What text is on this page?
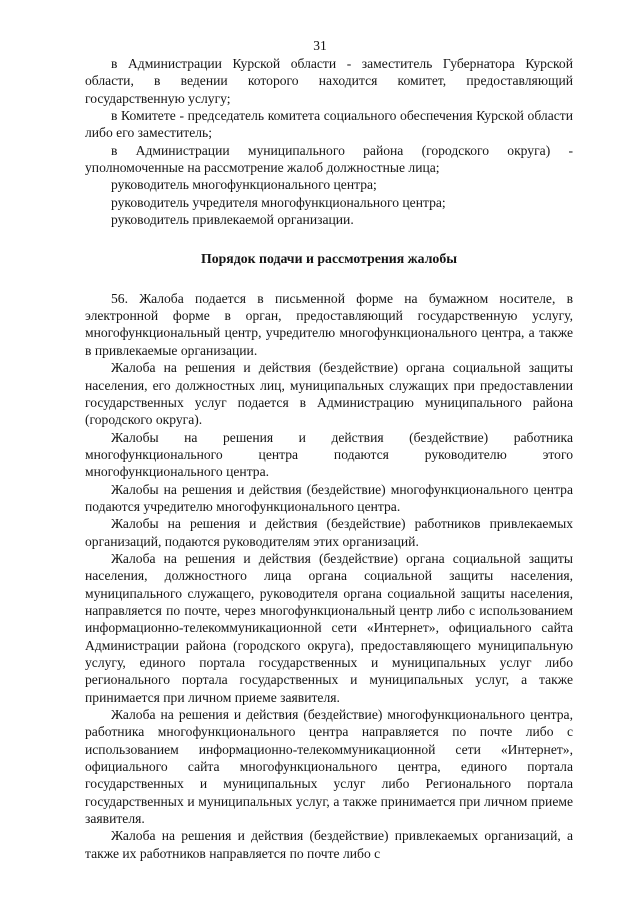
31

в Администрации Курской области - заместитель Губернатора Курской области, в ведении которого находится комитет, предоставляющий государственную услугу;

в Комитете - председатель комитета социального обеспечения Курской области либо его заместитель;

в Администрации муниципального района (городского округа) - уполномоченные на рассмотрение жалоб должностные лица;

руководитель многофункционального центра;

руководитель учредителя многофункционального центра;

руководитель привлекаемой организации.

Порядок подачи и рассмотрения жалобы

56. Жалоба подается в письменной форме на бумажном носителе, в электронной форме в орган, предоставляющий государственную услугу, многофункциональный центр, учредителю многофункционального центра, а также в привлекаемые организации.

Жалоба на решения и действия (бездействие) органа социальной защиты населения, его должностных лиц, муниципальных служащих при предоставлении государственных услуг подается в Администрацию муниципального района (городского округа).

Жалобы на решения и действия (бездействие) работника многофункционального центра подаются руководителю этого многофункционального центра.

Жалобы на решения и действия (бездействие) многофункционального центра подаются учредителю многофункционального центра.

Жалобы на решения и действия (бездействие) работников привлекаемых организаций, подаются руководителям этих организаций.

Жалоба на решения и действия (бездействие) органа социальной защиты населения, должностного лица органа социальной защиты населения, муниципального служащего, руководителя органа социальной защиты населения, направляется по почте, через многофункциональный центр либо с использованием информационно-телекоммуникационной сети «Интернет», официального сайта Администрации района (городского округа), предоставляющего муниципальную услугу, единого портала государственных и муниципальных услуг либо регионального портала государственных и муниципальных услуг, а также принимается при личном приеме заявителя.

Жалоба на решения и действия (бездействие) многофункционального центра, работника многофункционального центра направляется по почте либо с использованием информационно-телекоммуникационной сети «Интернет», официального сайта многофункционального центра, единого портала государственных и муниципальных услуг либо Регионального портала государственных и муниципальных услуг, а также принимается при личном приеме заявителя.

Жалоба на решения и действия (бездействие) привлекаемых организаций, а также их работников направляется по почте либо с
